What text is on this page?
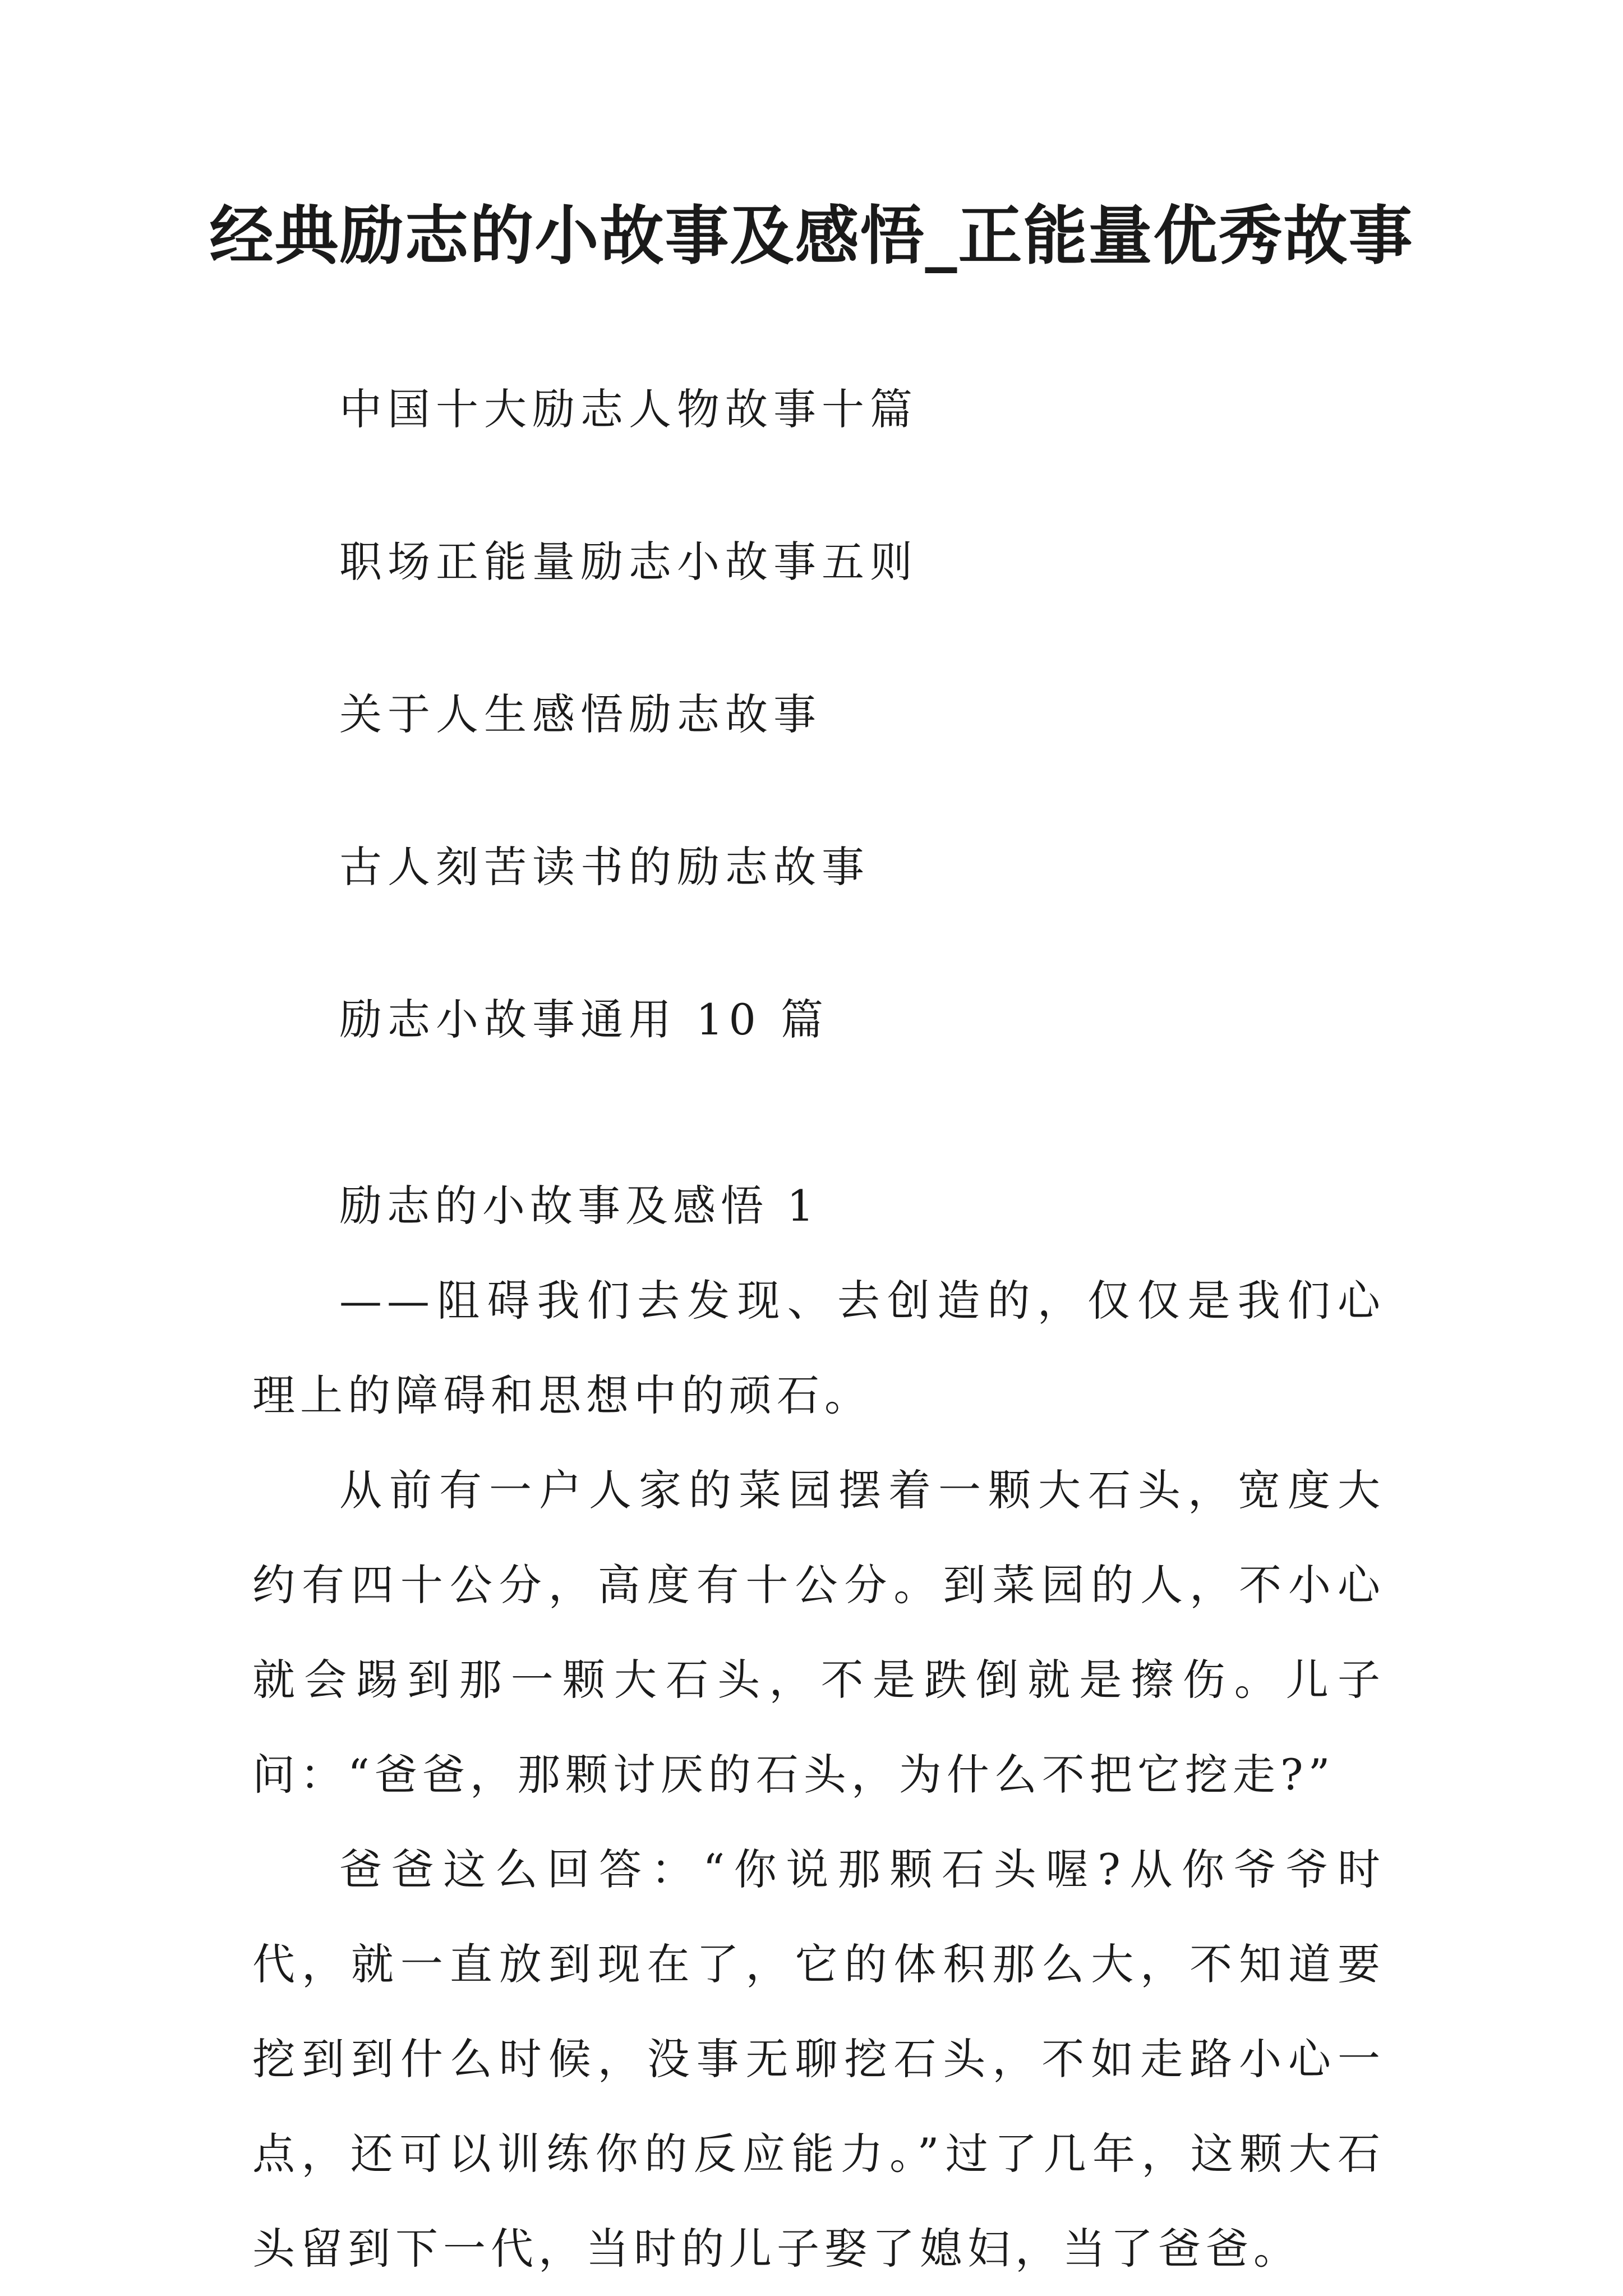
经典励志的小故事及感悟_正能量优秀故事
中国十大励志人物故事十篇
职场正能量励志小故事五则
关于人生感悟励志故事
古人刻苦读书的励志故事
励志小故事通用 10 篇

励志的小故事及感悟 1

——阻碍我们去发现、去创造的，仅仅是我们心理上的障碍和思想中的顽石。

从前有一户人家的菜园摆着一颗大石头，宽度大约有四十公分，高度有十公分。到菜园的人，不小心就会踢到那一颗大石头，不是跌倒就是擦伤。儿子问：“爸爸，那颗讨厌的石头，为什么不把它挖走?”

爸爸这么回答：“你说那颗石头喔?从你爷爷时代，就一直放到现在了，它的体积那么大，不知道要挖到到什么时候，没事无聊挖石头，不如走路小心一点，还可以训练你的反应能力。”过了几年，这颗大石头留到下一代，当时的儿子娶了媳妇，当了爸爸。
